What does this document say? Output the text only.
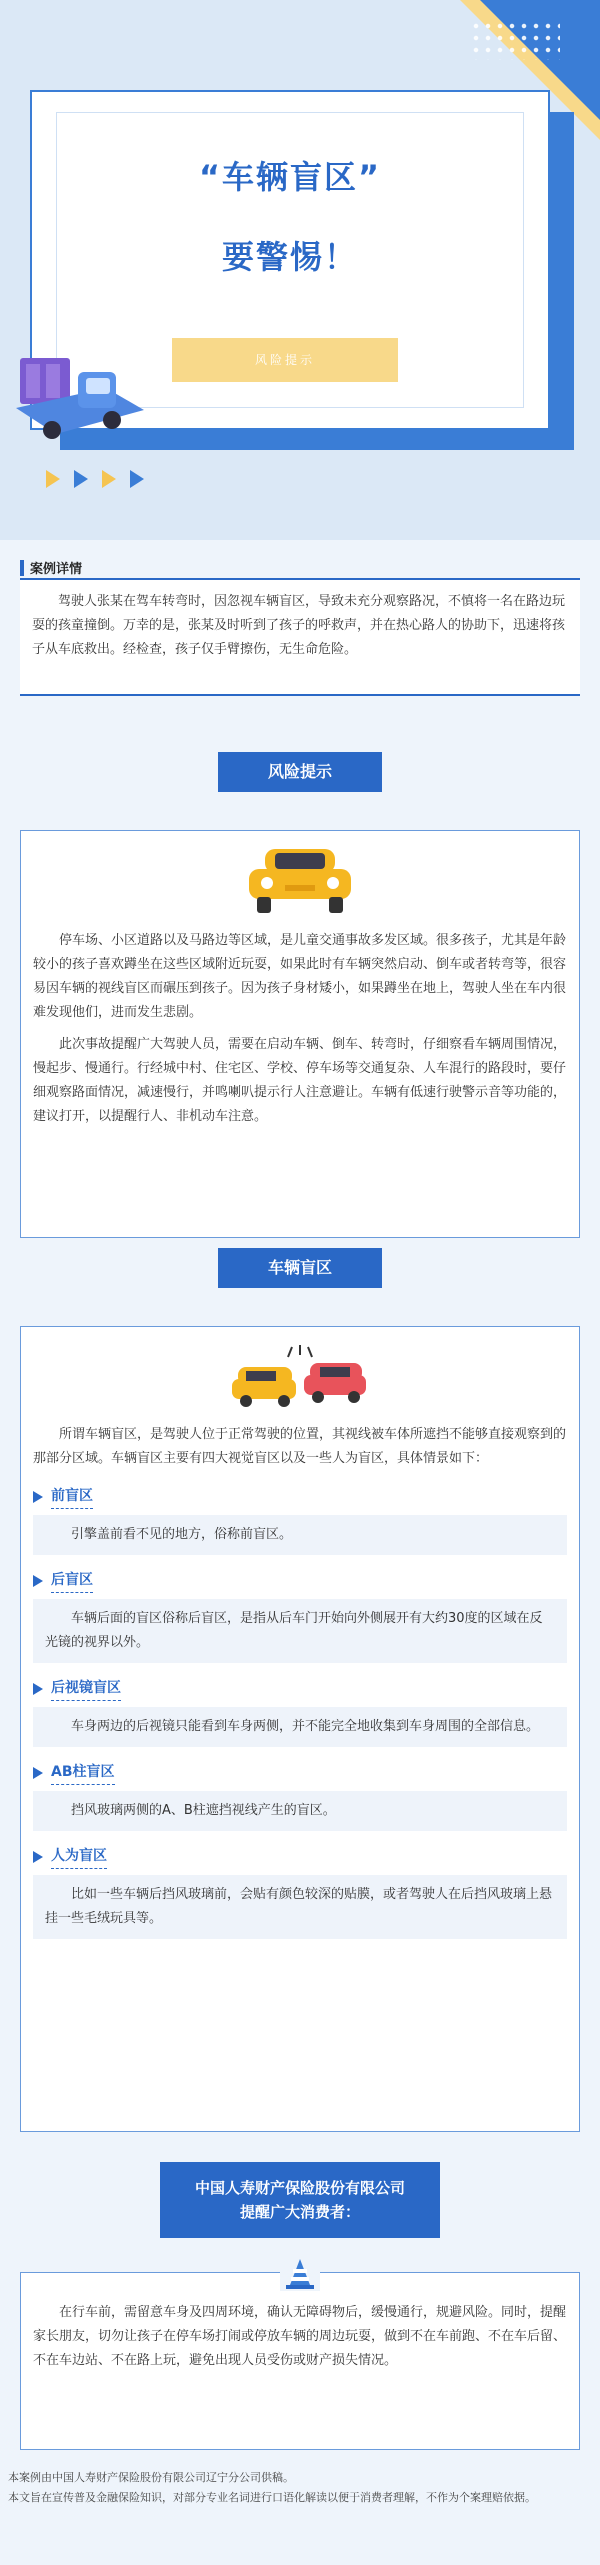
“车辆盲区”
要警惕！
风险提示
案例详情
驾驶人张某在驾车转弯时，因忽视车辆盲区，导致未充分观察路况，不慎将一名在路边玩耍的孩童撞倒。万幸的是，张某及时听到了孩子的呼救声，并在热心路人的协助下，迅速将孩子从车底救出。经检查，孩子仅手臂擦伤，无生命危险。
风险提示

停车场、小区道路以及马路边等区域，是儿童交通事故多发区域。很多孩子，尤其是年龄较小的孩子喜欢蹲坐在这些区域附近玩耍，如果此时有车辆突然启动、倒车或者转弯等，很容易因车辆的视线盲区而碾压到孩子。因为孩子身材矮小，如果蹲坐在地上，驾驶人坐在车内很难发现他们，进而发生悲剧。

此次事故提醒广大驾驶人员，需要在启动车辆、倒车、转弯时，仔细察看车辆周围情况，慢起步、慢通行。行经城中村、住宅区、学校、停车场等交通复杂、人车混行的路段时，要仔细观察路面情况，减速慢行，并鸣喇叭提示行人注意避让。车辆有低速行驶警示音等功能的，建议打开，以提醒行人、非机动车注意。

车辆盲区

所谓车辆盲区，是驾驶人位于正常驾驶的位置，其视线被车体所遮挡不能够直接观察到的那部分区域。车辆盲区主要有四大视觉盲区以及一些人为盲区，具体情景如下：

前盲区
引擎盖前看不见的地方，俗称前盲区。
后盲区
车辆后面的盲区俗称后盲区，是指从后车门开始向外侧展开有大约30度的区域在反光镜的视界以外。
后视镜盲区
车身两边的后视镜只能看到车身两侧，并不能完全地收集到车身周围的全部信息。
AB柱盲区
挡风玻璃两侧的A、B柱遮挡视线产生的盲区。
人为盲区
比如一些车辆后挡风玻璃前，会贴有颜色较深的贴膜，或者驾驶人在后挡风玻璃上悬挂一些毛绒玩具等。
中国人寿财产保险股份有限公司
提醒广大消费者：

在行车前，需留意车身及四周环境，确认无障碍物后，缓慢通行，规避风险。同时，提醒家长朋友，切勿让孩子在停车场打闹或停放车辆的周边玩耍，做到不在车前跑、不在车后留、不在车边站、不在路上玩，避免出现人员受伤或财产损失情况。

本案例由中国人寿财产保险股份有限公司辽宁分公司供稿。
本文旨在宣传普及金融保险知识，对部分专业名词进行口语化解读以便于消费者理解，不作为个案理赔依据。
